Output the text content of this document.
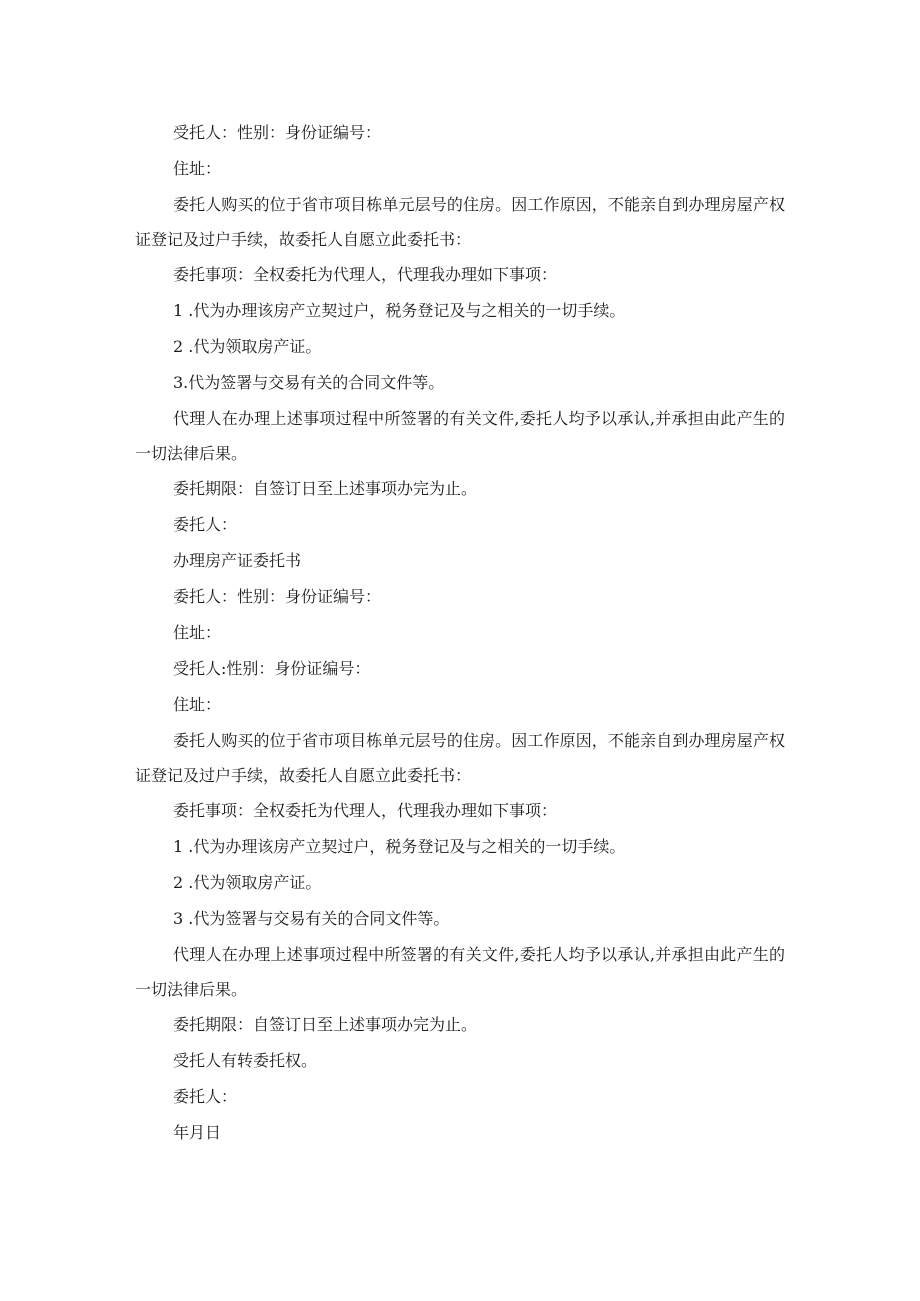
受托人：性别：身份证编号：

住址：

委托人购买的位于省市项目栋单元层号的住房。因工作原因，不能亲自到办理房屋产权证登记及过户手续，故委托人自愿立此委托书：

委托事项：全权委托为代理人，代理我办理如下事项：

1 .代为办理该房产立契过户，税务登记及与之相关的一切手续。

2 .代为领取房产证。

3.代为签署与交易有关的合同文件等。

代理人在办理上述事项过程中所签署的有关文件,委托人均予以承认,并承担由此产生的一切法律后果。

委托期限：自签订日至上述事项办完为止。

委托人：

办理房产证委托书

委托人：性别：身份证编号：

住址：

受托人:性别：身份证编号：

住址：

委托人购买的位于省市项目栋单元层号的住房。因工作原因，不能亲自到办理房屋产权证登记及过户手续，故委托人自愿立此委托书：

委托事项：全权委托为代理人，代理我办理如下事项：

1 .代为办理该房产立契过户，税务登记及与之相关的一切手续。

2 .代为领取房产证。

3 .代为签署与交易有关的合同文件等。

代理人在办理上述事项过程中所签署的有关文件,委托人均予以承认,并承担由此产生的一切法律后果。

委托期限：自签订日至上述事项办完为止。

受托人有转委托权。

委托人：

年月日
